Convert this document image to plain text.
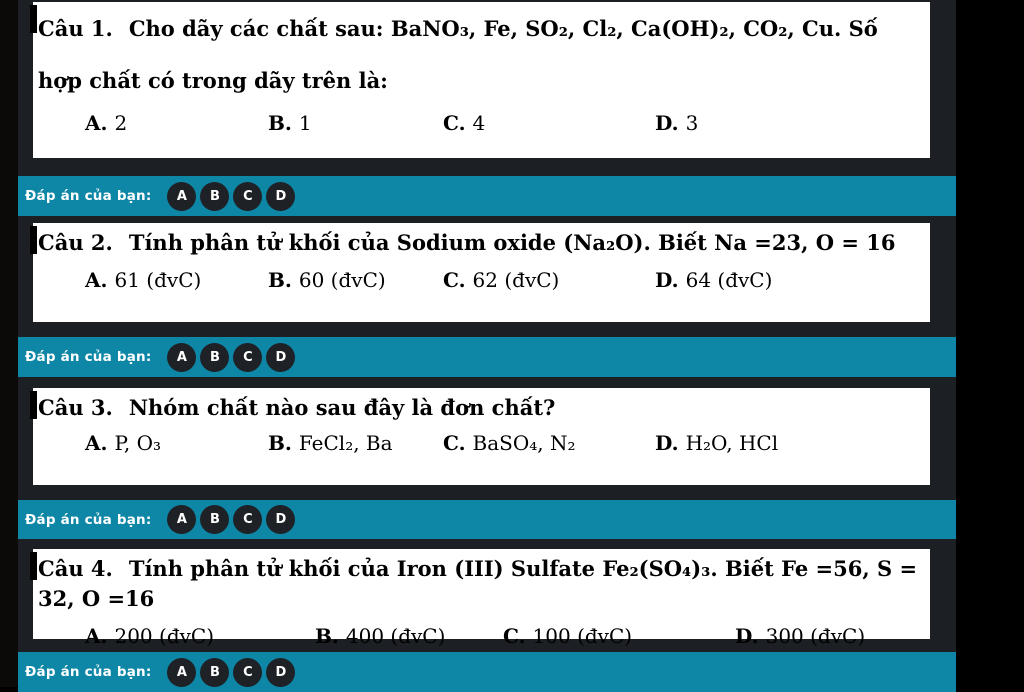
Câu 1. Cho dãy các chất sau: BaNO₃, Fe, SO₂, Cl₂, Ca(OH)₂, CO₂, Cu. Số hợp chất có trong dãy trên là:

A. 2	B. 1	C. 4	D. 3
Đáp án của bạn:	A	B	C	D

Câu 2. Tính phân tử khối của Sodium oxide (Na₂O). Biết Na =23, O = 16

A. 61 (đvC)	B. 60 (đvC)	C. 62 (đvC)	D. 64 (đvC)
Đáp án của bạn:	A	B	C	D

Câu 3. Nhóm chất nào sau đây là đơn chất?

A. P, O₃	B. FeCl₂, Ba	C. BaSO₄, N₂	D. H₂O, HCl
Đáp án của bạn:	A	B	C	D

Câu 4. Tính phân tử khối của Iron (III) Sulfate Fe₂(SO₄)₃. Biết Fe =56, S = 32, O =16

A. 200 (đvC)	B. 400 (đvC)	C. 100 (đvC)	D. 300 (đvC)
Đáp án của bạn:	A	B	C	D
